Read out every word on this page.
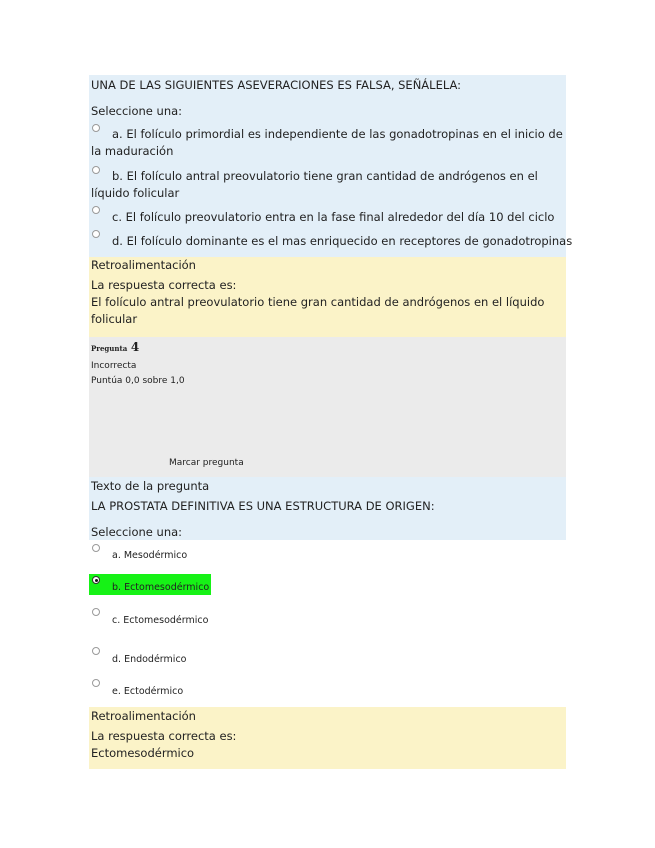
UNA DE LAS SIGUIENTES ASEVERACIONES ES FALSA, SEÑÁLELA:
Seleccione una:
a. El folículo primordial es independiente de las gonadotropinas en el inicio de la maduración
b. El folículo antral preovulatorio tiene gran cantidad de andrógenos en el líquido folicular
c. El folículo preovulatorio entra en la fase final alrededor del día 10 del ciclo
d. El folículo dominante es el mas enriquecido en receptores de gonadotropinas
Retroalimentación
La respuesta correcta es:
El folículo antral preovulatorio tiene gran cantidad de andrógenos en el líquido folicular
Pregunta 4
Incorrecta
Puntúa 0,0 sobre 1,0
Marcar pregunta
Texto de la pregunta
LA PROSTATA DEFINITIVA ES UNA ESTRUCTURA DE ORIGEN:
Seleccione una:
a. Mesodérmico
b. Ectomesodérmico
c. Ectomesodérmico
d. Endodérmico
e. Ectodérmico
Retroalimentación
La respuesta correcta es:
Ectomesodérmico
